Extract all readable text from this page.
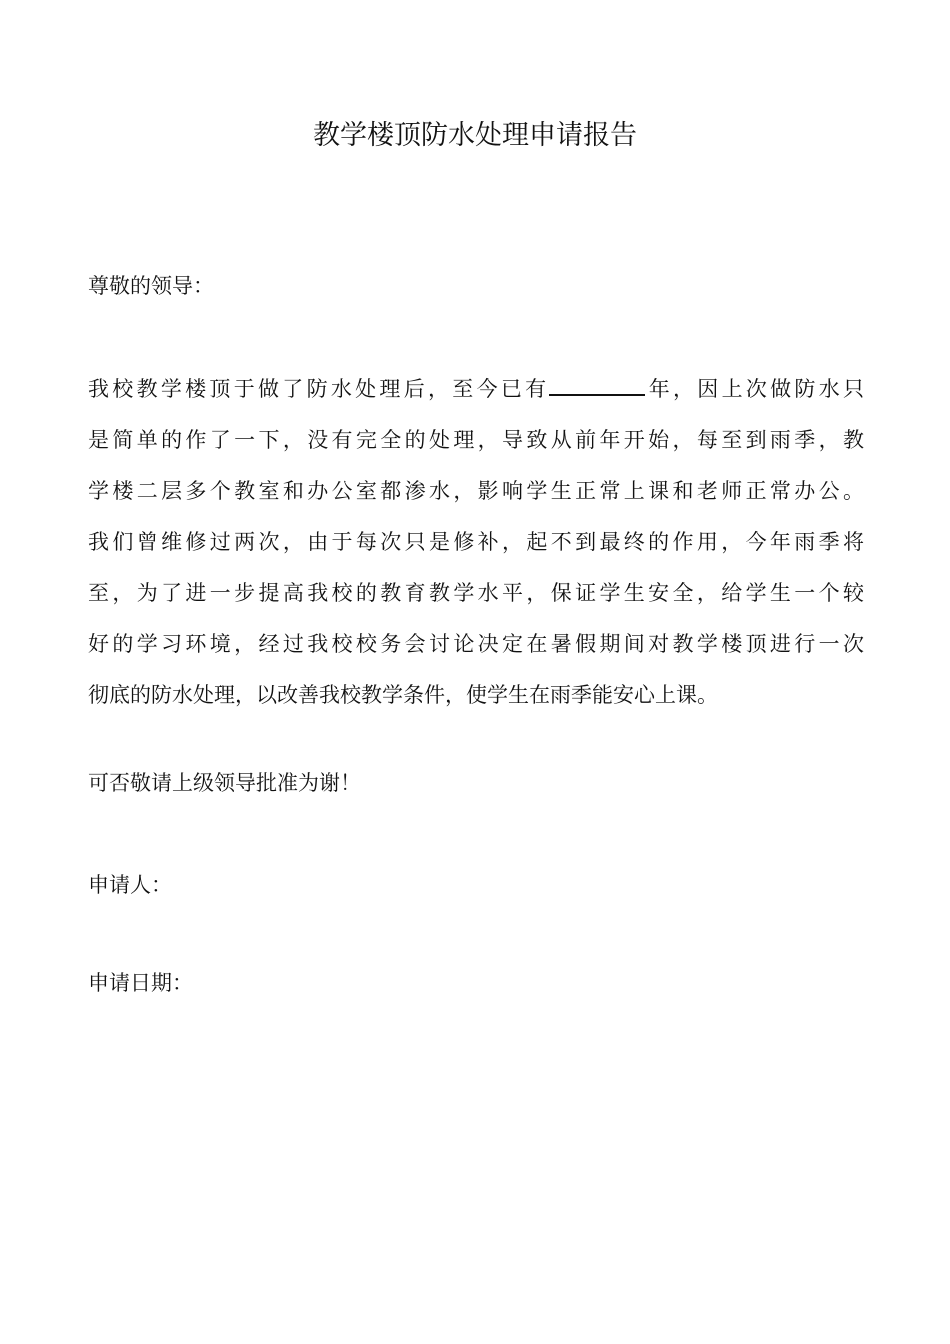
教学楼顶防水处理申请报告
尊敬的领导：
我校教学楼顶于做了防水处理后，至今已有	年，因上次做防水只
是简单的作了一下，没有完全的处理，导致从前年开始，每至到雨季，教
学楼二层多个教室和办公室都渗水，影响学生正常上课和老师正常办公。
我们曾维修过两次，由于每次只是修补，起不到最终的作用，今年雨季将
至，为了进一步提高我校的教育教学水平，保证学生安全，给学生一个较
好的学习环境，经过我校校务会讨论决定在暑假期间对教学楼顶进行一次
彻底的防水处理，以改善我校教学条件，使学生在雨季能安心上课。
可否敬请上级领导批准为谢！
申请人：
申请日期：
